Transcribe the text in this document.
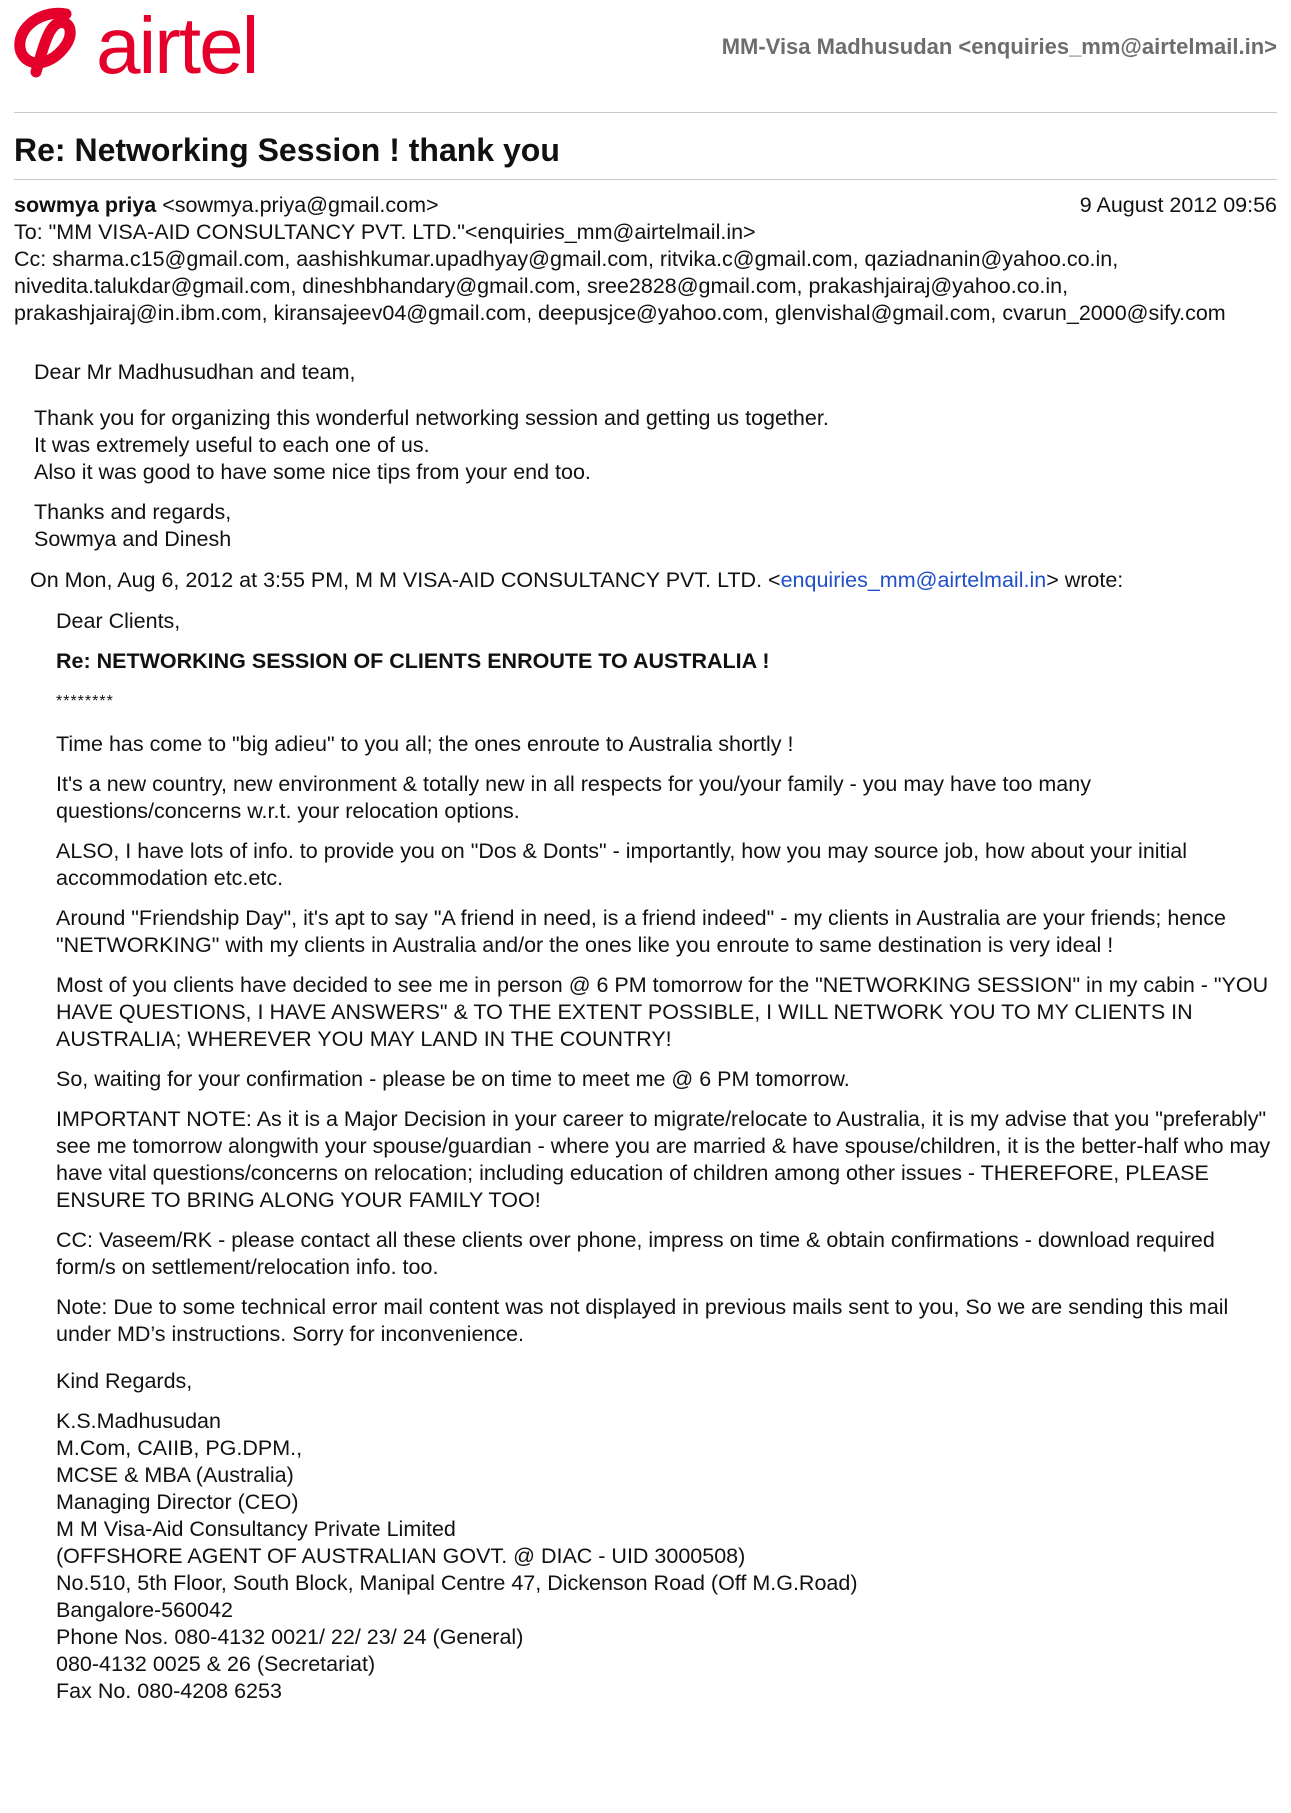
airtel	MM-Visa Madhusudan <enquiries_mm@airtelmail.in>
Re: Networking Session ! thank you
sowmya priya <sowmya.priya@gmail.com>	9 August 2012 09:56
To: "MM VISA-AID CONSULTANCY PVT. LTD."<enquiries_mm@airtelmail.in>
Cc: sharma.c15@gmail.com, aashishkumar.upadhyay@gmail.com, ritvika.c@gmail.com, qaziadnanin@yahoo.co.in, nivedita.talukdar@gmail.com, dineshbhandary@gmail.com, sree2828@gmail.com, prakashjairaj@yahoo.co.in, prakashjairaj@in.ibm.com, kiransajeev04@gmail.com, deepusjce@yahoo.com, glenvishal@gmail.com, cvarun_2000@sify.com

Dear Mr Madhusudhan and team,

Thank you for organizing this wonderful networking session and getting us together.

It was extremely useful to each one of us.

Also it was good to have some nice tips from your end too.

Thanks and regards,

Sowmya and Dinesh

On Mon, Aug 6, 2012 at 3:55 PM, M M VISA-AID CONSULTANCY PVT. LTD. <enquiries_mm@airtelmail.in> wrote:

Dear Clients,

Re: NETWORKING SESSION OF CLIENTS ENROUTE TO AUSTRALIA !

********

Time has come to "big adieu" to you all; the ones enroute to Australia shortly !

It's a new country, new environment & totally new in all respects for you/your family - you may have too many questions/concerns w.r.t. your relocation options.

ALSO, I have lots of info. to provide you on "Dos & Donts" - importantly, how you may source job, how about your initial accommodation etc.etc.

Around "Friendship Day", it's apt to say "A friend in need, is a friend indeed" - my clients in Australia are your friends; hence "NETWORKING" with my clients in Australia and/or the ones like you enroute to same destination is very ideal !

Most of you clients have decided to see me in person @ 6 PM tomorrow for the "NETWORKING SESSION" in my cabin - "YOU HAVE QUESTIONS, I HAVE ANSWERS" & TO THE EXTENT POSSIBLE, I WILL NETWORK YOU TO MY CLIENTS IN AUSTRALIA; WHEREVER YOU MAY LAND IN THE COUNTRY!

So, waiting for your confirmation - please be on time to meet me @ 6 PM tomorrow.

IMPORTANT NOTE: As it is a Major Decision in your career to migrate/relocate to Australia, it is my advise that you "preferably" see me tomorrow alongwith your spouse/guardian - where you are married & have spouse/children, it is the better-half who may have vital questions/concerns on relocation; including education of children among other issues - THEREFORE, PLEASE ENSURE TO BRING ALONG YOUR FAMILY TOO!

CC: Vaseem/RK - please contact all these clients over phone, impress on time & obtain confirmations - download required form/s on settlement/relocation info. too.

Note: Due to some technical error mail content was not displayed in previous mails sent to you, So we are sending this mail under MD’s instructions. Sorry for inconvenience.

Kind Regards,

K.S.Madhusudan

M.Com, CAIIB, PG.DPM.,

MCSE & MBA (Australia)

Managing Director (CEO)

M M Visa-Aid Consultancy Private Limited

(OFFSHORE AGENT OF AUSTRALIAN GOVT. @ DIAC - UID 3000508)

No.510, 5th Floor, South Block, Manipal Centre 47, Dickenson Road (Off M.G.Road)

Bangalore-560042

Phone Nos. 080-4132 0021/ 22/ 23/ 24 (General)

080-4132 0025 & 26 (Secretariat)

Fax No. 080-4208 6253
